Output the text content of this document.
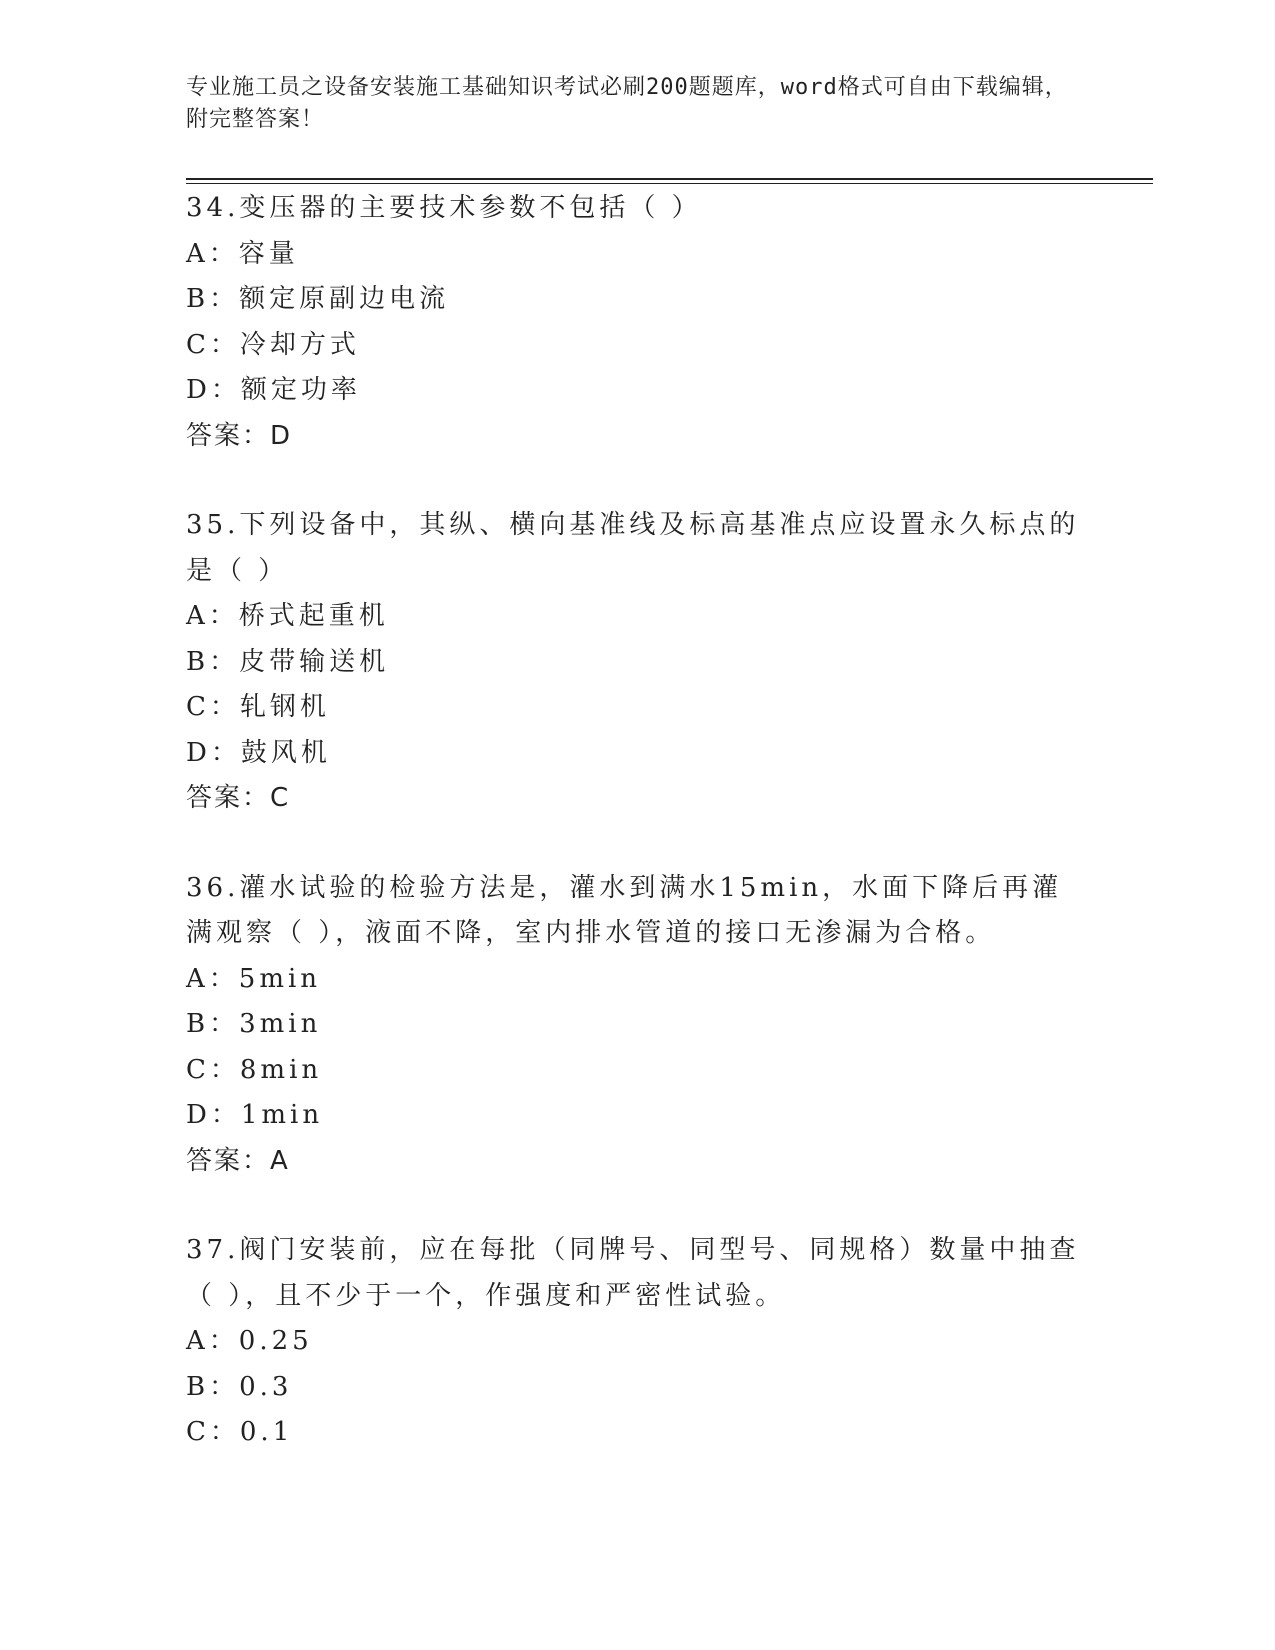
专业施工员之设备安装施工基础知识考试必刷200题题库，word格式可自由下载编辑，附完整答案！
34.变压器的主要技术参数不包括（ ）
A：容量
B：额定原副边电流
C：冷却方式
D：额定功率
答案：D
35.下列设备中，其纵、横向基准线及标高基准点应设置永久标点的是（ ）
A：桥式起重机
B：皮带输送机
C：轧钢机
D：鼓风机
答案：C
36.灌水试验的检验方法是，灌水到满水15min，水面下降后再灌满观察（ ），液面不降，室内排水管道的接口无渗漏为合格。
A：5min
B：3min
C：8min
D：1min
答案：A
37.阀门安装前，应在每批（同牌号、同型号、同规格）数量中抽查（ ），且不少于一个，作强度和严密性试验。
A：0.25
B：0.3
C：0.1
